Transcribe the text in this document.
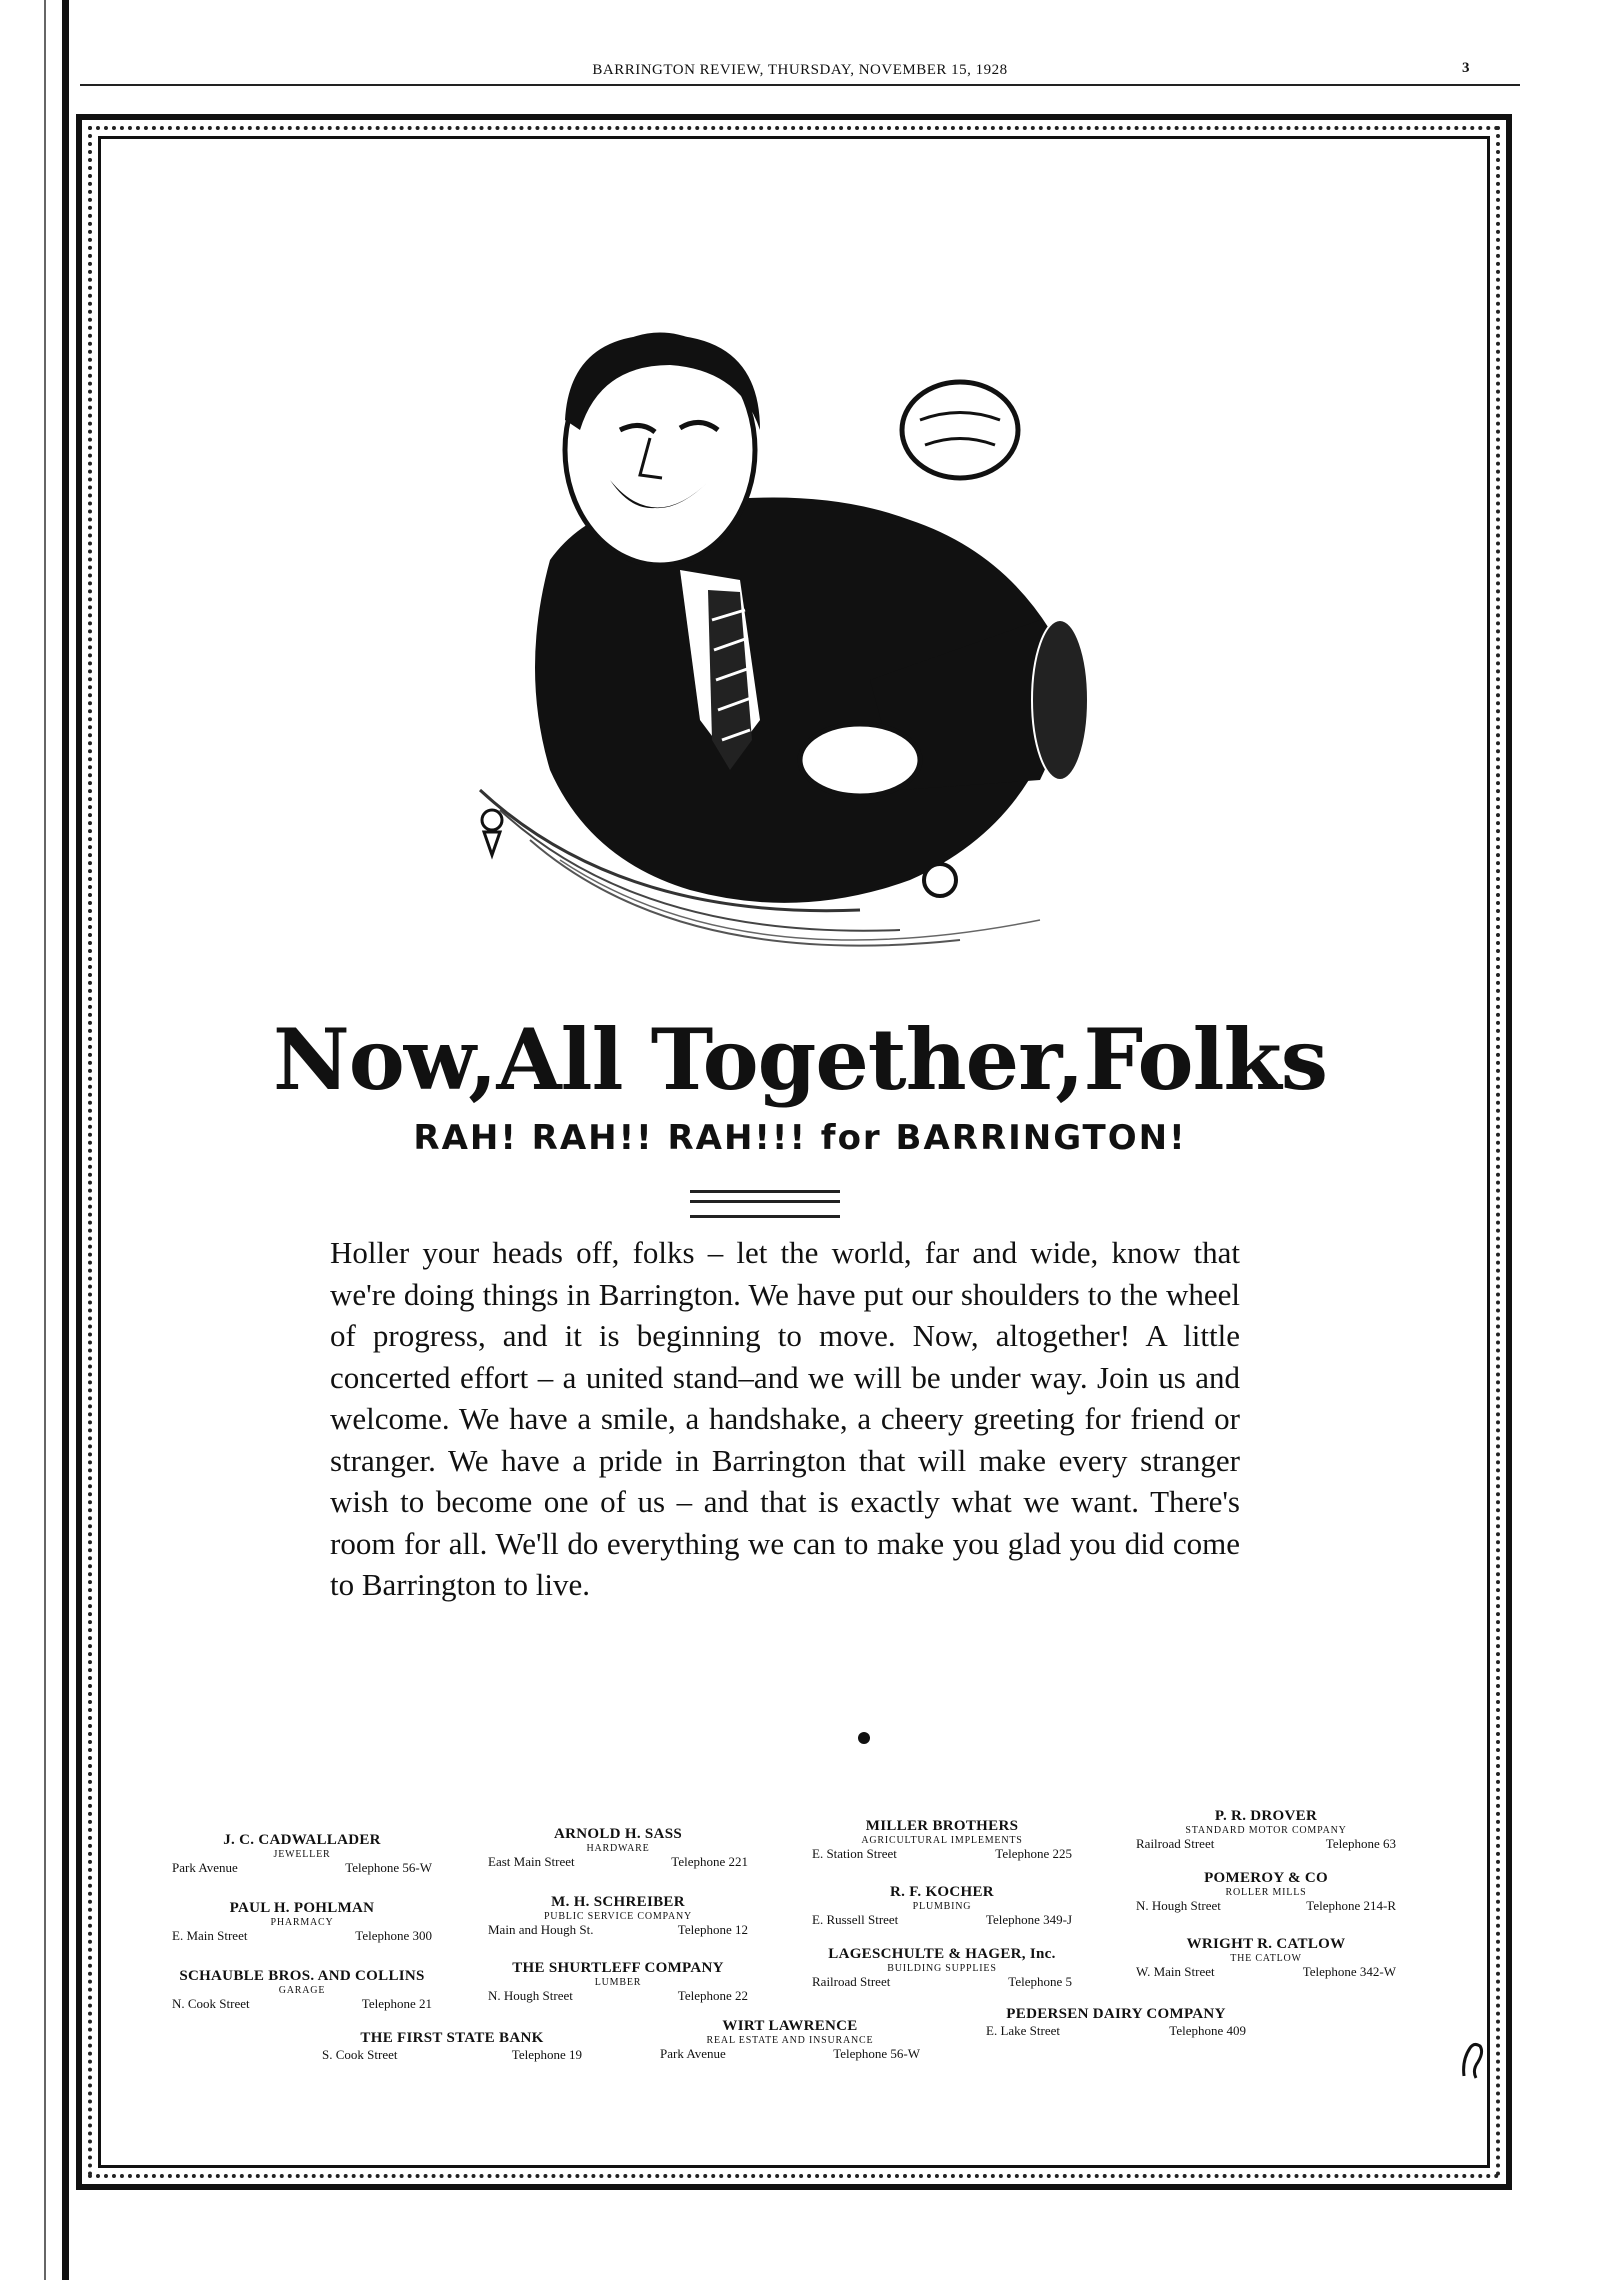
BARRINGTON REVIEW, THURSDAY, NOVEMBER 15, 1928	3
Now,All Together,Folks
RAH! RAH!! RAH!!! for BARRINGTON!
Holler your heads off, folks – let the world, far and wide, know that we're doing things in Barrington. We have put our shoulders to the wheel of progress, and it is beginning to move. Now, altogether! A little concerted effort – a united stand–and we will be under way. Join us and welcome. We have a smile, a handshake, a cheery greeting for friend or stranger. We have a pride in Barrington that will make every stranger wish to become one of us – and that is exactly what we want. There's room for all. We'll do everything we can to make you glad you did come to Barrington to live.
J. C. CADWALLADER
JEWELLER
Park Avenue	Telephone 56-W
PAUL H. POHLMAN
PHARMACY
E. Main Street	Telephone 300
SCHAUBLE BROS. AND COLLINS
GARAGE
N. Cook Street	Telephone 21
THE FIRST STATE BANK
S. Cook Street	Telephone 19
ARNOLD H. SASS
HARDWARE
East Main Street	Telephone 221
M. H. SCHREIBER
PUBLIC SERVICE COMPANY
Main and Hough St.	Telephone 12
THE SHURTLEFF COMPANY
LUMBER
N. Hough Street	Telephone 22
WIRT LAWRENCE
REAL ESTATE AND INSURANCE
Park Avenue	Telephone 56-W
MILLER BROTHERS
AGRICULTURAL IMPLEMENTS
E. Station Street	Telephone 225
R. F. KOCHER
PLUMBING
E. Russell Street	Telephone 349-J
LAGESCHULTE & HAGER, Inc.
BUILDING SUPPLIES
Railroad Street	Telephone 5
PEDERSEN DAIRY COMPANY
E. Lake Street	Telephone 409
P. R. DROVER
STANDARD MOTOR COMPANY
Railroad Street	Telephone 63
POMEROY & CO
ROLLER MILLS
N. Hough Street	Telephone 214-R
WRIGHT R. CATLOW
THE CATLOW
W. Main Street	Telephone 342-W
